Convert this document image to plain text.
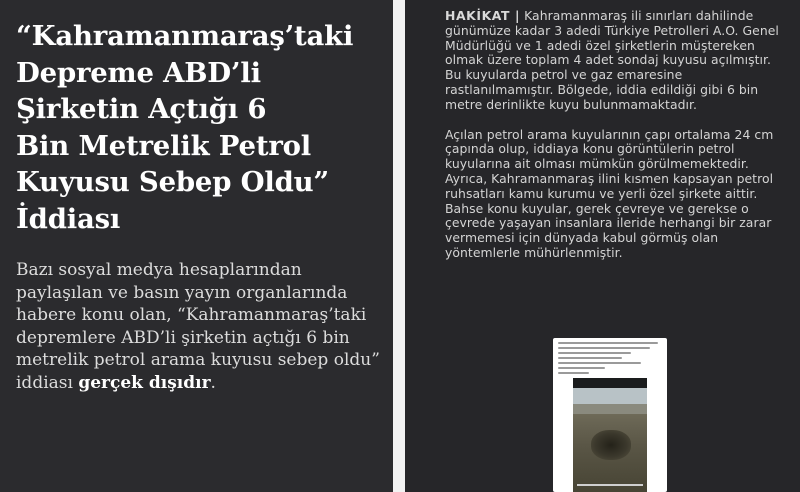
“Kahramanmaraş’taki
Depreme ABD’li
Şirketin Açtığı 6
Bin Metrelik Petrol
Kuyusu Sebep Oldu”
İddiası

Bazı sosyal medya hesaplarından paylaşılan ve basın yayın organlarında habere konu olan, “Kahramanmaraş’taki depremlere ABD’li şirketin açtığı 6 bin metrelik petrol arama kuyusu sebep oldu” iddiası gerçek dışıdır.

HAKİKAT | Kahramanmaraş ili sınırları dahilinde günümüze kadar 3 adedi Türkiye Petrolleri A.O. Genel Müdürlüğü ve 1 adedi özel şirketlerin müştereken olmak üzere toplam 4 adet sondaj kuyusu açılmıştır. Bu kuyularda petrol ve gaz emaresine rastlanılmamıştır. Bölgede, iddia edildiği gibi 6 bin metre derinlikte kuyu bulunmamaktadır.

Açılan petrol arama kuyularının çapı ortalama 24 cm çapında olup, iddiaya konu görüntülerin petrol kuyularına ait olması mümkün görülmemektedir. Ayrıca, Kahramanmaraş ilini kısmen kapsayan petrol ruhsatları kamu kurumu ve yerli özel şirkete aittir. Bahse konu kuyular, gerek çevreye ve gerekse o çevrede yaşayan insanlara ileride herhangi bir zarar vermemesi için dünyada kabul görmüş olan yöntemlerle mühürlenmiştir.
